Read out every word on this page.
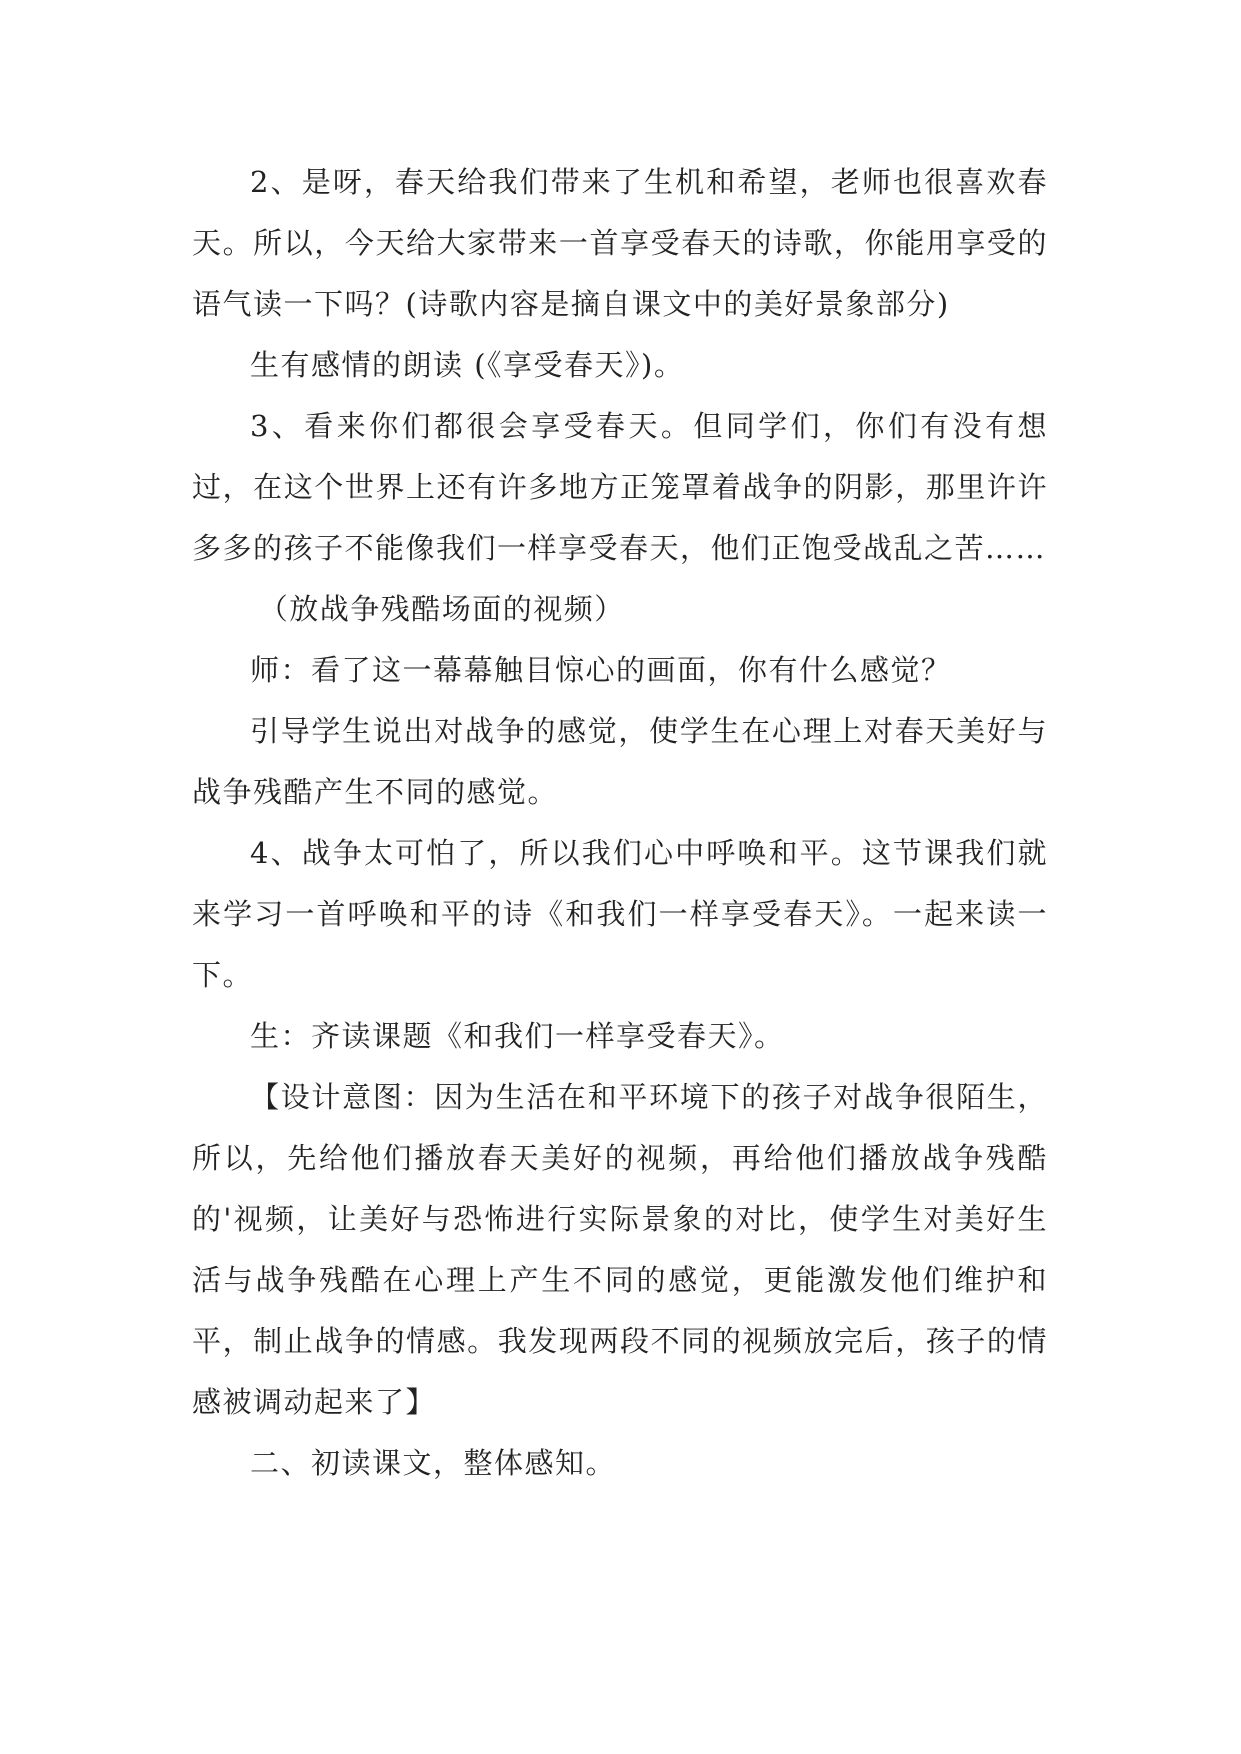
2、是呀，春天给我们带来了生机和希望，老师也很喜欢春天。所以，今天给大家带来一首享受春天的诗歌，你能用享受的语气读一下吗？(诗歌内容是摘自课文中的美好景象部分)

生有感情的朗读 (《享受春天》)。

3、看来你们都很会享受春天。但同学们，你们有没有想过，在这个世界上还有许多地方正笼罩着战争的阴影，那里许许多多的孩子不能像我们一样享受春天，他们正饱受战乱之苦……

（放战争残酷场面的视频）

师：看了这一幕幕触目惊心的画面，你有什么感觉？

引导学生说出对战争的感觉，使学生在心理上对春天美好与战争残酷产生不同的感觉。

4、战争太可怕了，所以我们心中呼唤和平。这节课我们就来学习一首呼唤和平的诗《和我们一样享受春天》。一起来读一下。

生：齐读课题《和我们一样享受春天》。

【设计意图：因为生活在和平环境下的孩子对战争很陌生，所以，先给他们播放春天美好的视频，再给他们播放战争残酷的'视频，让美好与恐怖进行实际景象的对比，使学生对美好生活与战争残酷在心理上产生不同的感觉，更能激发他们维护和平，制止战争的情感。我发现两段不同的视频放完后，孩子的情感被调动起来了】

二、初读课文，整体感知。
